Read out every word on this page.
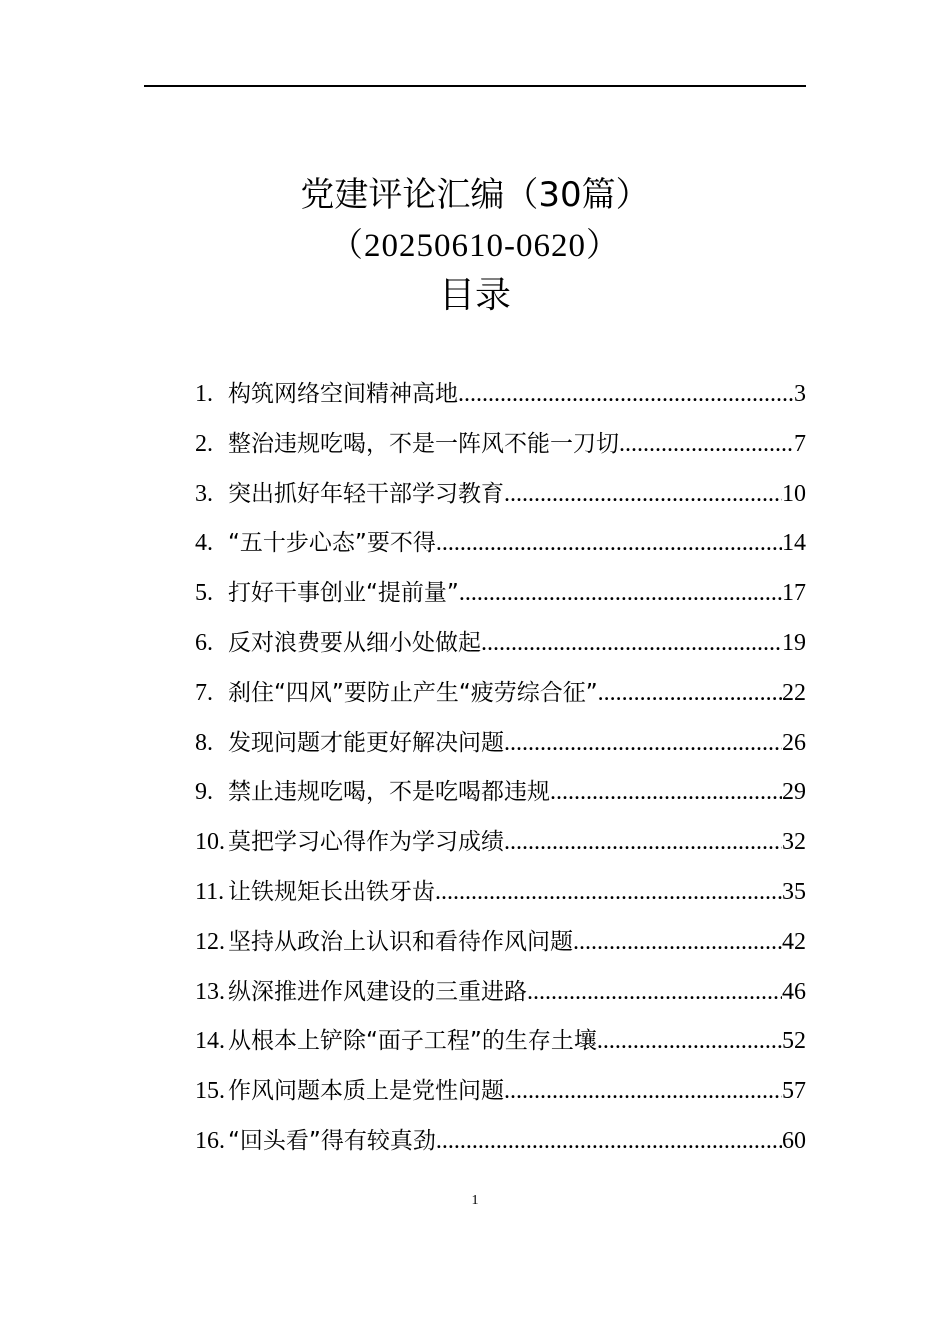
党建评论汇编（30篇）
（20250610-0620）
目录
1. 构筑网络空间精神高地 .....	3
2. 整治违规吃喝，不是一阵风不能一刀切 .....	7
3. 突出抓好年轻干部学习教育 .....	10
4. “五十步心态”要不得 .....	14
5. 打好干事创业“提前量” .....	17
6. 反对浪费要从细小处做起 .....	19
7. 刹住“四风”要防止产生“疲劳综合征” .....	22
8. 发现问题才能更好解决问题 .....	26
9. 禁止违规吃喝，不是吃喝都违规 .....	29
10. 莫把学习心得作为学习成绩 .....	32
11. 让铁规矩长出铁牙齿 .....	35
12. 坚持从政治上认识和看待作风问题 .....	42
13. 纵深推进作风建设的三重进路 .....	46
14. 从根本上铲除“面子工程”的生存土壤 .....	52
15. 作风问题本质上是党性问题 .....	57
16. “回头看”得有较真劲 .....	60
1
